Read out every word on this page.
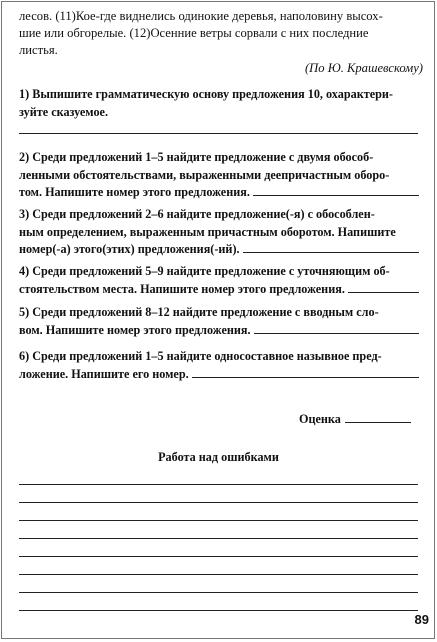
лесов. (11)Кое-где виднелись одинокие деревья, наполовину высох-
шие или обгорелые. (12)Осенние ветры сорвали с них последние
листья.
(По Ю. Крашевскому)
1) Выпишите грамматическую основу предложения 10, охарактери-
зуйте сказуемое.
2) Среди предложений 1–5 найдите предложение с двумя обособ-
ленными обстоятельствами, выраженными деепричастным оборо-
том. Напишите номер этого предложения.
3) Среди предложений 2–6 найдите предложение(-я) с обособлен-
ным определением, выраженным причастным оборотом. Напишите
номер(-а) этого(этих) предложения(-ий).
4) Среди предложений 5–9 найдите предложение с уточняющим об-
стоятельством места. Напишите номер этого предложения.
5) Среди предложений 8–12 найдите предложение с вводным сло-
вом. Напишите номер этого предложения.
6) Среди предложений 1–5 найдите односоставное назывное пред-
ложение. Напишите его номер.
Оценка
Работа над ошибками
89
